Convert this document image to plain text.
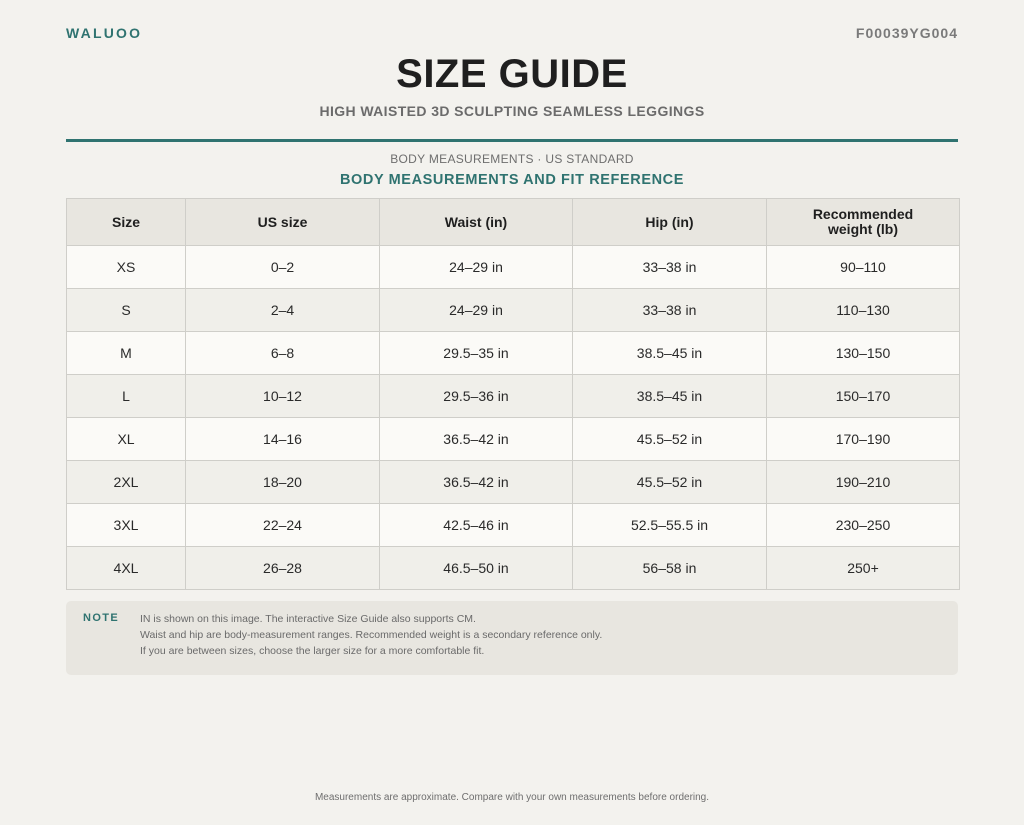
WALUOO	F00039YG004
SIZE GUIDE
HIGH WAISTED 3D SCULPTING SEAMLESS LEGGINGS
BODY MEASUREMENTS · US STANDARD
BODY MEASUREMENTS AND FIT REFERENCE
Size	US size	Waist (in)	Hip (in)	Recommended
weight (lb)
XS	0–2	24–29 in	33–38 in	90–110
S	2–4	24–29 in	33–38 in	110–130
M	6–8	29.5–35 in	38.5–45 in	130–150
L	10–12	29.5–36 in	38.5–45 in	150–170
XL	14–16	36.5–42 in	45.5–52 in	170–190
2XL	18–20	36.5–42 in	45.5–52 in	190–210
3XL	22–24	42.5–46 in	52.5–55.5 in	230–250
4XL	26–28	46.5–50 in	56–58 in	250+
NOTE IN is shown on this image. The interactive Size Guide also supports CM.
Waist and hip are body-measurement ranges. Recommended weight is a secondary reference only.
If you are between sizes, choose the larger size for a more comfortable fit.
Measurements are approximate. Compare with your own measurements before ordering.
